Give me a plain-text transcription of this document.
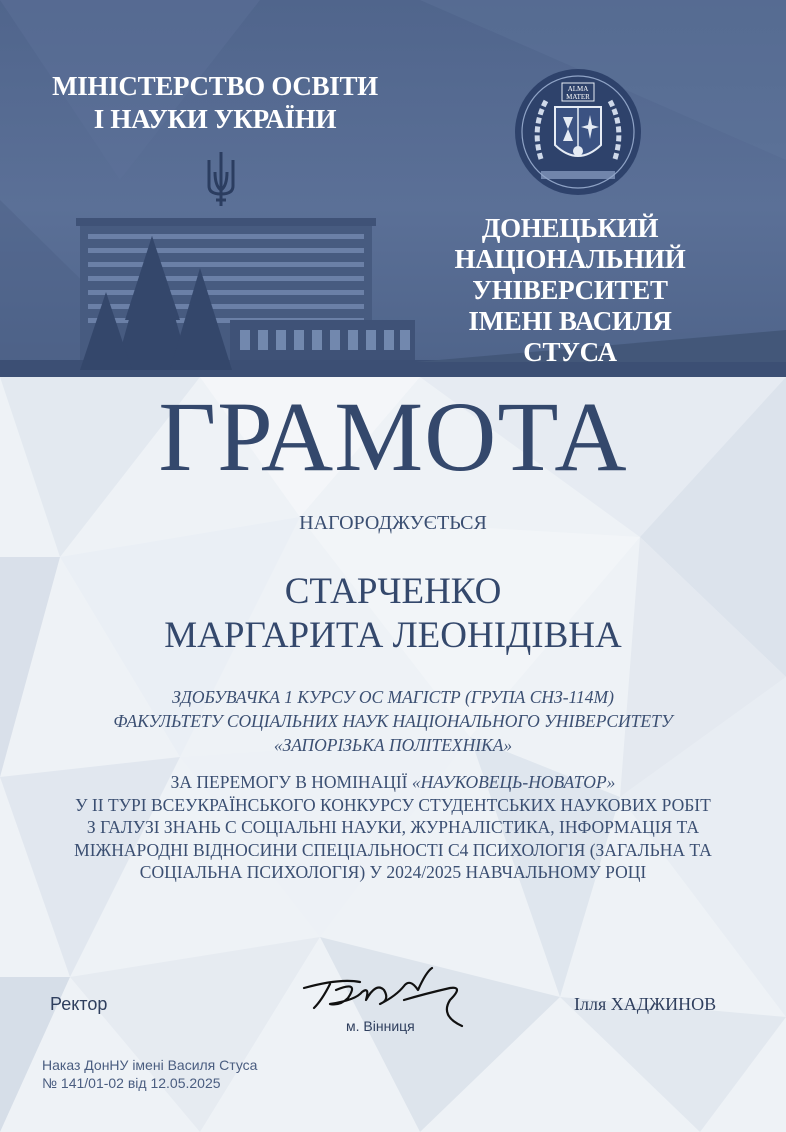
МІНІСТЕРСТВО ОСВІТИ
І НАУКИ УКРАЇНИ
ALMA
MATER
ДОНЕЦЬКИЙ
НАЦІОНАЛЬНИЙ
УНІВЕРСИТЕТ
ІМЕНІ ВАСИЛЯ СТУСА
ГРАМОТА
НАГОРОДЖУЄТЬСЯ
СТАРЧЕНКО
МАРГАРИТА ЛЕОНІДІВНА
ЗДОБУВАЧКА 1 КУРСУ ОС МАГІСТР (ГРУПА СНЗ-114М)
ФАКУЛЬТЕТУ СОЦІАЛЬНИХ НАУК НАЦІОНАЛЬНОГО УНІВЕРСИТЕТУ
«ЗАПОРІЗЬКА ПОЛІТЕХНІКА»
ЗА ПЕРЕМОГУ В НОМІНАЦІЇ «НАУКОВЕЦЬ-НОВАТОР»
У ІІ ТУРІ ВСЕУКРАЇНСЬКОГО КОНКУРСУ СТУДЕНТСЬКИХ НАУКОВИХ РОБІТ
З ГАЛУЗІ ЗНАНЬ С СОЦІАЛЬНІ НАУКИ, ЖУРНАЛІСТИКА, ІНФОРМАЦІЯ ТА
МІЖНАРОДНІ ВІДНОСИНИ СПЕЦІАЛЬНОСТІ С4 ПСИХОЛОГІЯ (ЗАГАЛЬНА ТА
СОЦІАЛЬНА ПСИХОЛОГІЯ) У 2024/2025 НАВЧАЛЬНОМУ РОЦІ
Ректор
м. Вінниця
Ілля ХАДЖИНОВ
Наказ ДонНУ імені Василя Стуса
№ 141/01-02 від 12.05.2025
